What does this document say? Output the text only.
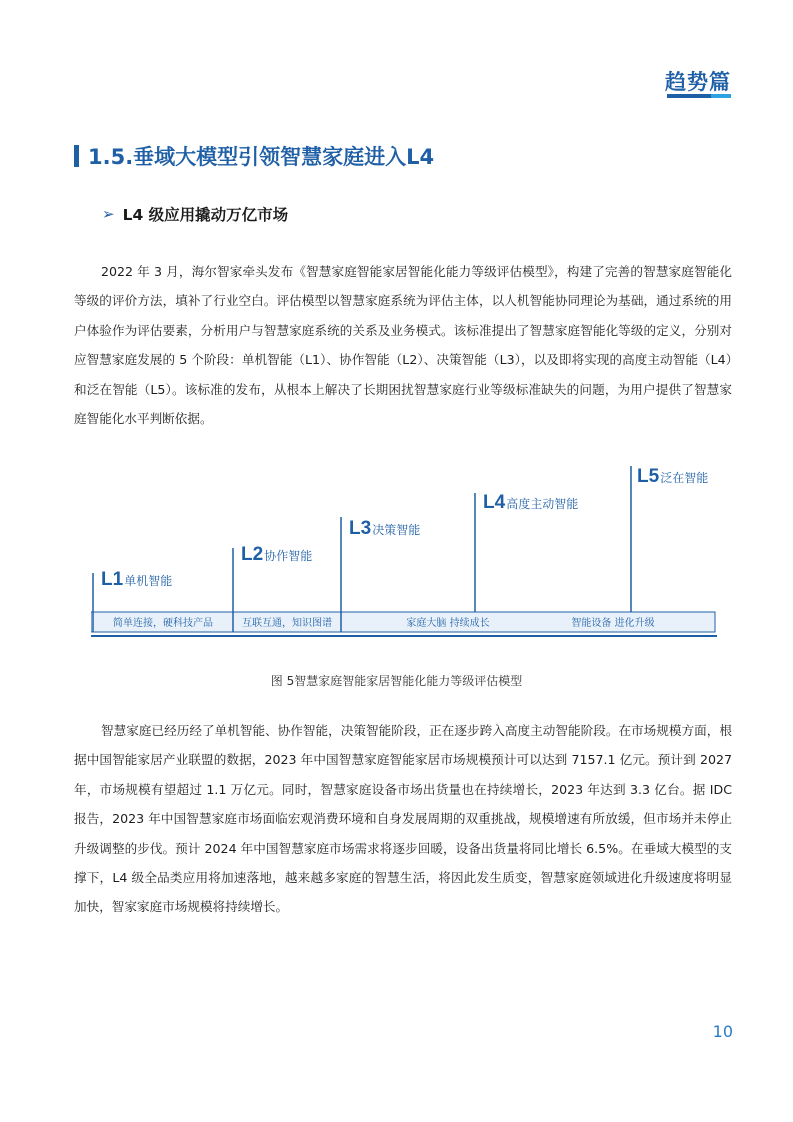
趋势篇
1.5.垂域大模型引领智慧家庭进入L4
➢ L4 级应用撬动万亿市场

2022 年 3 月，海尔智家牵头发布《智慧家庭智能家居智能化能力等级评估模型》，构建了完善的智慧家庭智能化等级的评价方法，填补了行业空白。评估模型以智慧家庭系统为评估主体，以人机智能协同理论为基础，通过系统的用户体验作为评估要素，分析用户与智慧家庭系统的关系及业务模式。该标准提出了智慧家庭智能化等级的定义，分别对应智慧家庭发展的 5 个阶段：单机智能（L1）、协作智能（L2）、决策智能（L3），以及即将实现的高度主动智能（L4）和泛在智能（L5）。该标准的发布，从根本上解决了长期困扰智慧家庭行业等级标准缺失的问题，为用户提供了智慧家庭智能化水平判断依据。

L1 单机智能
L2 协作智能
L3 决策智能
L4 高度主动智能
L5 泛在智能
简单连接，硬科技产品	互联互通，知识图谱	家庭大脑 持续成长	智能设备 进化升级
图 5智慧家庭智能家居智能化能力等级评估模型

智慧家庭已经历经了单机智能、协作智能，决策智能阶段，正在逐步跨入高度主动智能阶段。在市场规模方面，根据中国智能家居产业联盟的数据，2023 年中国智慧家庭智能家居市场规模预计可以达到 7157.1 亿元。预计到 2027 年，市场规模有望超过 1.1 万亿元。同时，智慧家庭设备市场出货量也在持续增长，2023 年达到 3.3 亿台。据 IDC 报告，2023 年中国智慧家庭市场面临宏观消费环境和自身发展周期的双重挑战，规模增速有所放缓，但市场并未停止升级调整的步伐。预计 2024 年中国智慧家庭市场需求将逐步回暖，设备出货量将同比增长 6.5%。在垂域大模型的支撑下，L4 级全品类应用将加速落地，越来越多家庭的智慧生活，将因此发生质变，智慧家庭领域进化升级速度将明显加快，智家家庭市场规模将持续增长。

10
